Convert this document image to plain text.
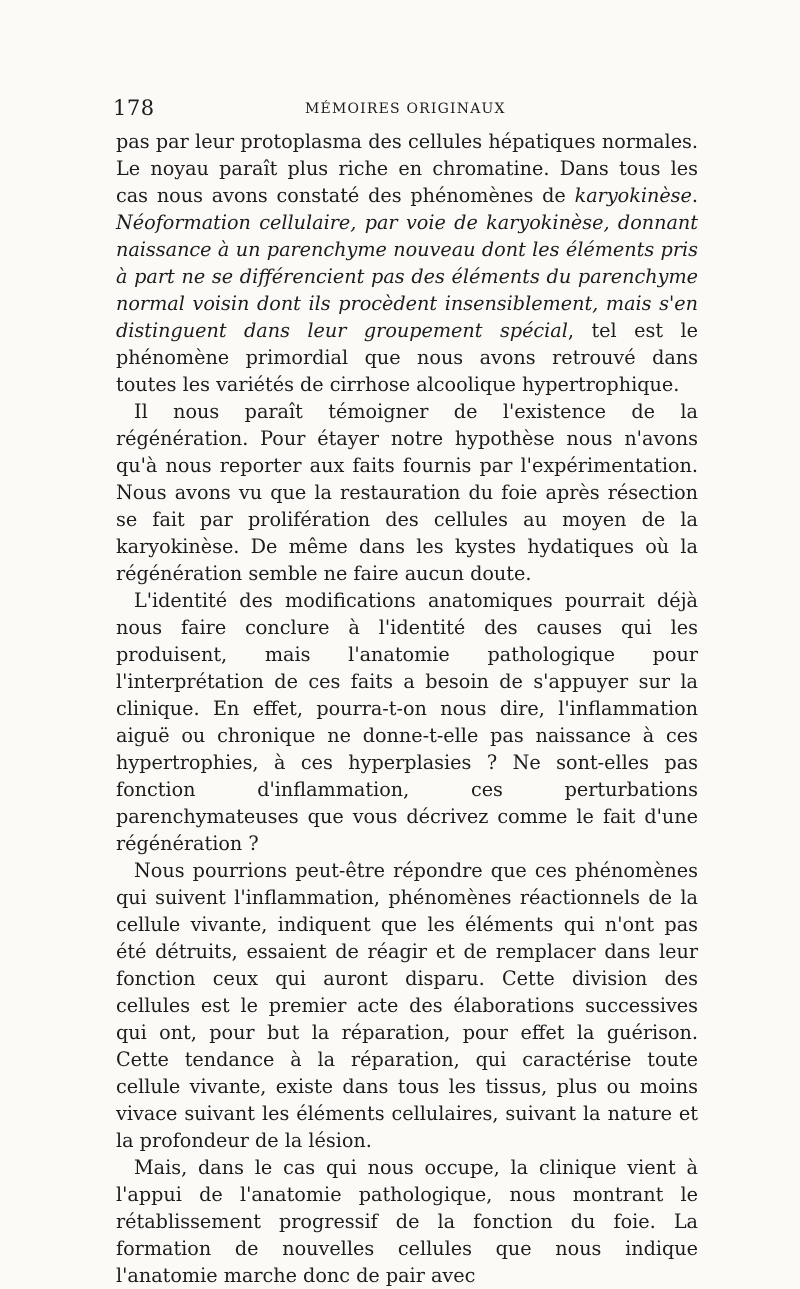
178	MÉMOIRES ORIGINAUX

pas par leur protoplasma des cellules hépatiques normales. Le noyau paraît plus riche en chromatine. Dans tous les cas nous avons constaté des phénomènes de karyokinèse. Néoformation cellulaire, par voie de karyokinèse, donnant naissance à un parenchyme nouveau dont les éléments pris à part ne se différencient pas des éléments du parenchyme normal voisin dont ils procèdent insensiblement, mais s'en distinguent dans leur groupement spécial, tel est le phénomène primordial que nous avons retrouvé dans toutes les variétés de cirrhose alcoolique hypertrophique.

Il nous paraît témoigner de l'existence de la régénération. Pour étayer notre hypothèse nous n'avons qu'à nous reporter aux faits fournis par l'expérimentation. Nous avons vu que la restauration du foie après résection se fait par prolifération des cellules au moyen de la karyokinèse. De même dans les kystes hydatiques où la régénération semble ne faire aucun doute.

L'identité des modifications anatomiques pourrait déjà nous faire conclure à l'identité des causes qui les produisent, mais l'anatomie pathologique pour l'interprétation de ces faits a besoin de s'appuyer sur la clinique. En effet, pourra-t-on nous dire, l'inflammation aiguë ou chronique ne donne-t-elle pas naissance à ces hypertrophies, à ces hyperplasies ? Ne sont-elles pas fonction d'inflammation, ces perturbations parenchymateuses que vous décrivez comme le fait d'une régénération ?

Nous pourrions peut-être répondre que ces phénomènes qui suivent l'inflammation, phénomènes réactionnels de la cellule vivante, indiquent que les éléments qui n'ont pas été détruits, essaient de réagir et de remplacer dans leur fonction ceux qui auront disparu. Cette division des cellules est le premier acte des élaborations successives qui ont, pour but la réparation, pour effet la guérison. Cette tendance à la réparation, qui caractérise toute cellule vivante, existe dans tous les tissus, plus ou moins vivace suivant les éléments cellulaires, suivant la nature et la profondeur de la lésion.

Mais, dans le cas qui nous occupe, la clinique vient à l'appui de l'anatomie pathologique, nous montrant le rétablissement progressif de la fonction du foie. La formation de nouvelles cellules que nous indique l'anatomie marche donc de pair avec
